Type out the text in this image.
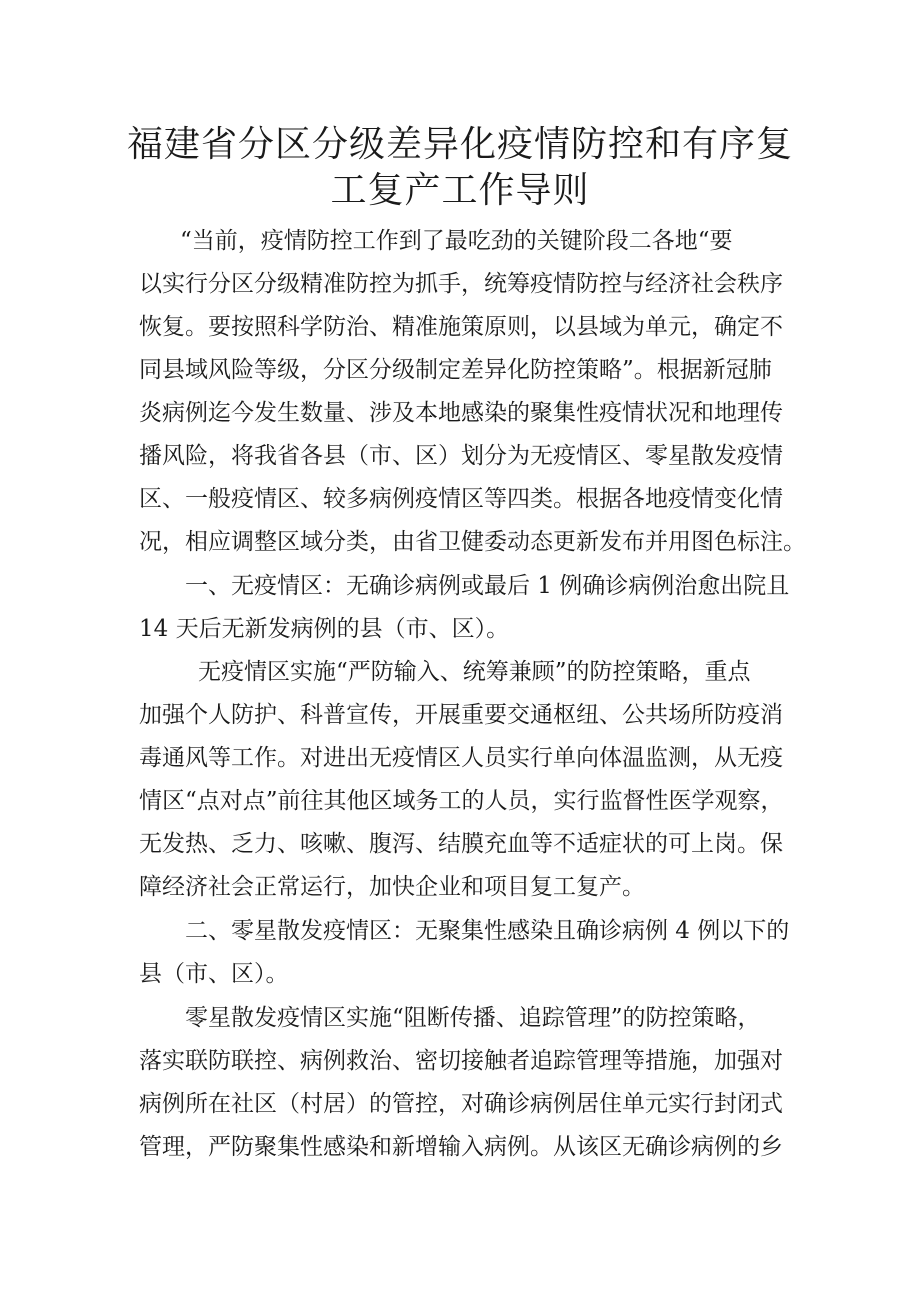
福建省分区分级差异化疫情防控和有序复
工复产工作导则

“当前，疫情防控工作到了最吃劲的关键阶段二各地“要

以实行分区分级精准防控为抓手，统筹疫情防控与经济社会秩序

恢复。要按照科学防治、精准施策原则，以县域为单元，确定不

同县域风险等级，分区分级制定差异化防控策略”。根据新冠肺

炎病例迄今发生数量、涉及本地感染的聚集性疫情状况和地理传

播风险，将我省各县（市、区）划分为无疫情区、零星散发疫情

区、一般疫情区、较多病例疫情区等四类。根据各地疫情变化情

况，相应调整区域分类，由省卫健委动态更新发布并用图色标注。

一、无疫情区：无确诊病例或最后 1 例确诊病例治愈出院且

14 天后无新发病例的县（市、区）。

无疫情区实施“严防输入、统筹兼顾”的防控策略，重点

加强个人防护、科普宣传，开展重要交通枢纽、公共场所防疫消

毒通风等工作。对进出无疫情区人员实行单向体温监测，从无疫

情区“点对点”前往其他区域务工的人员，实行监督性医学观察，

无发热、乏力、咳嗽、腹泻、结膜充血等不适症状的可上岗。保

障经济社会正常运行，加快企业和项目复工复产。

二、零星散发疫情区：无聚集性感染且确诊病例 4 例以下的

县（市、区）。

零星散发疫情区实施“阻断传播、追踪管理”的防控策略，

落实联防联控、病例救治、密切接触者追踪管理等措施，加强对

病例所在社区（村居）的管控，对确诊病例居住单元实行封闭式

管理，严防聚集性感染和新增输入病例。从该区无确诊病例的乡
